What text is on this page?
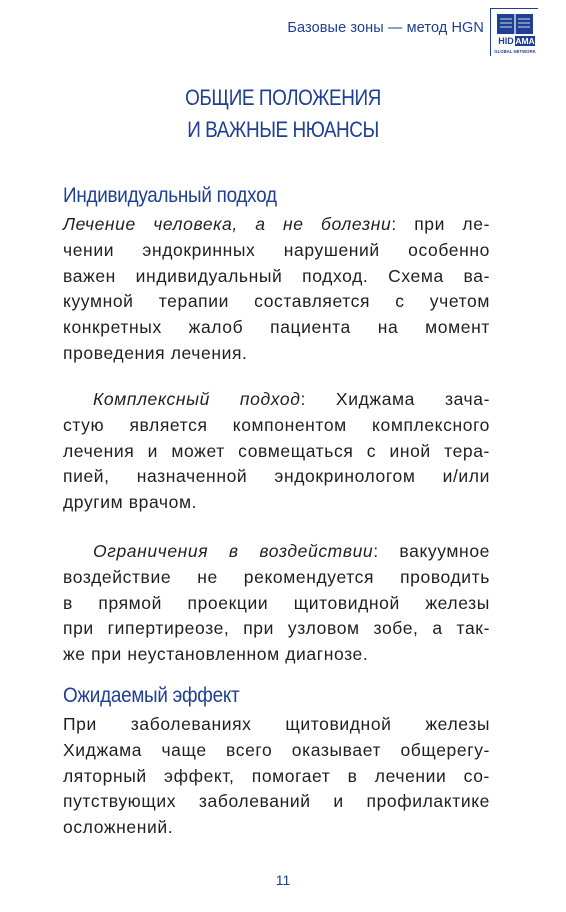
Базовые зоны — метод HGN
HID AMA
GLOBAL NETWORK
ОБЩИЕ ПОЛОЖЕНИЯ
И ВАЖНЫЕ НЮАНСЫ
Индивидуальный подход
Лечение человека, а не болезни: при ле-
чении эндокринных нарушений особенно
важен индивидуальный подход. Схема ва-
куумной терапии составляется с учетом
конкретных жалоб пациента на момент
проведения лечения.
Комплексный подход: Хиджама зача-
стую является компонентом комплексного
лечения и может совмещаться с иной тера-
пией, назначенной эндокринологом и/или
другим врачом.
Ограничения в воздействии: вакуумное
воздействие не рекомендуется проводить
в прямой проекции щитовидной железы
при гипертиреозе, при узловом зобе, а так-
же при неустановленном диагнозе.
Ожидаемый эффект
При заболеваниях щитовидной железы
Хиджама чаще всего оказывает общерегу-
ляторный эффект, помогает в лечении со-
путствующих заболеваний и профилактике
осложнений.
11
